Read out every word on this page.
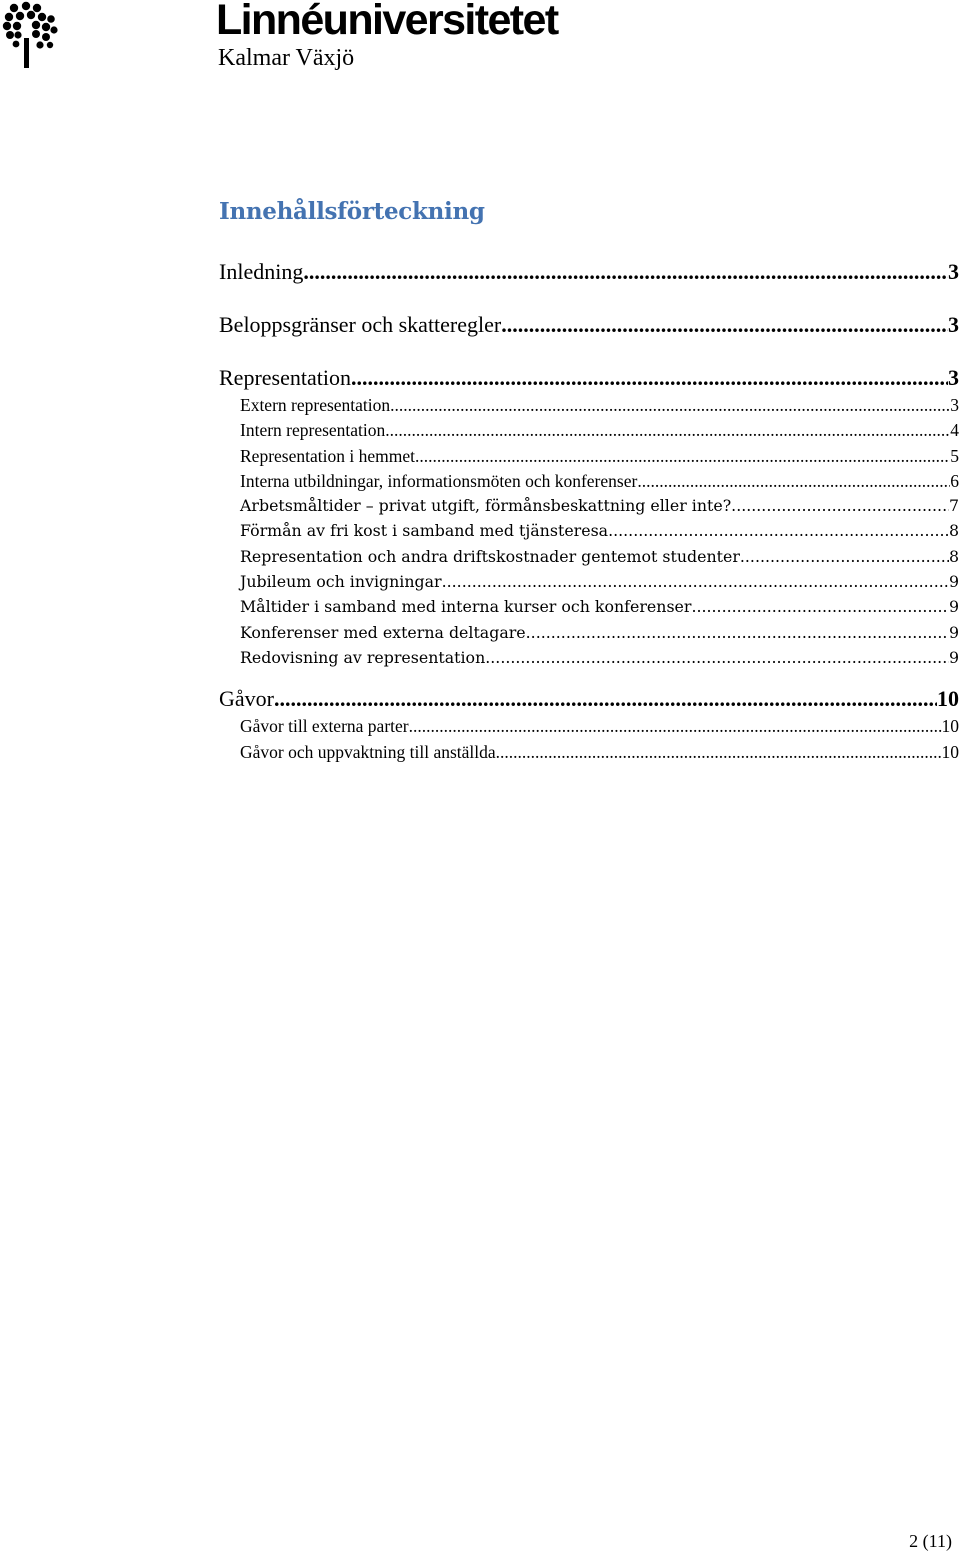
Linnéuniversitetet
Kalmar Växjö
Innehållsförteckning
Inledning .....	3
Beloppsgränser och skatteregler .....	3
Representation .....	3
Extern representation .....	3
Intern representation .....	4
Representation i hemmet .....	5
Interna utbildningar, informationsmöten och konferenser .....	6
Arbetsmåltider – privat utgift, förmånsbeskattning eller inte? .....	7
Förmån av fri kost i samband med tjänsteresa .....	8
Representation och andra driftskostnader gentemot studenter .....	8
Jubileum och invigningar .....	9
Måltider i samband med interna kurser och konferenser .....	9
Konferenser med externa deltagare .....	9
Redovisning av representation .....	9
Gåvor .....	10
Gåvor till externa parter .....	10
Gåvor och uppvaktning till anställda .....	10
2 (11)
